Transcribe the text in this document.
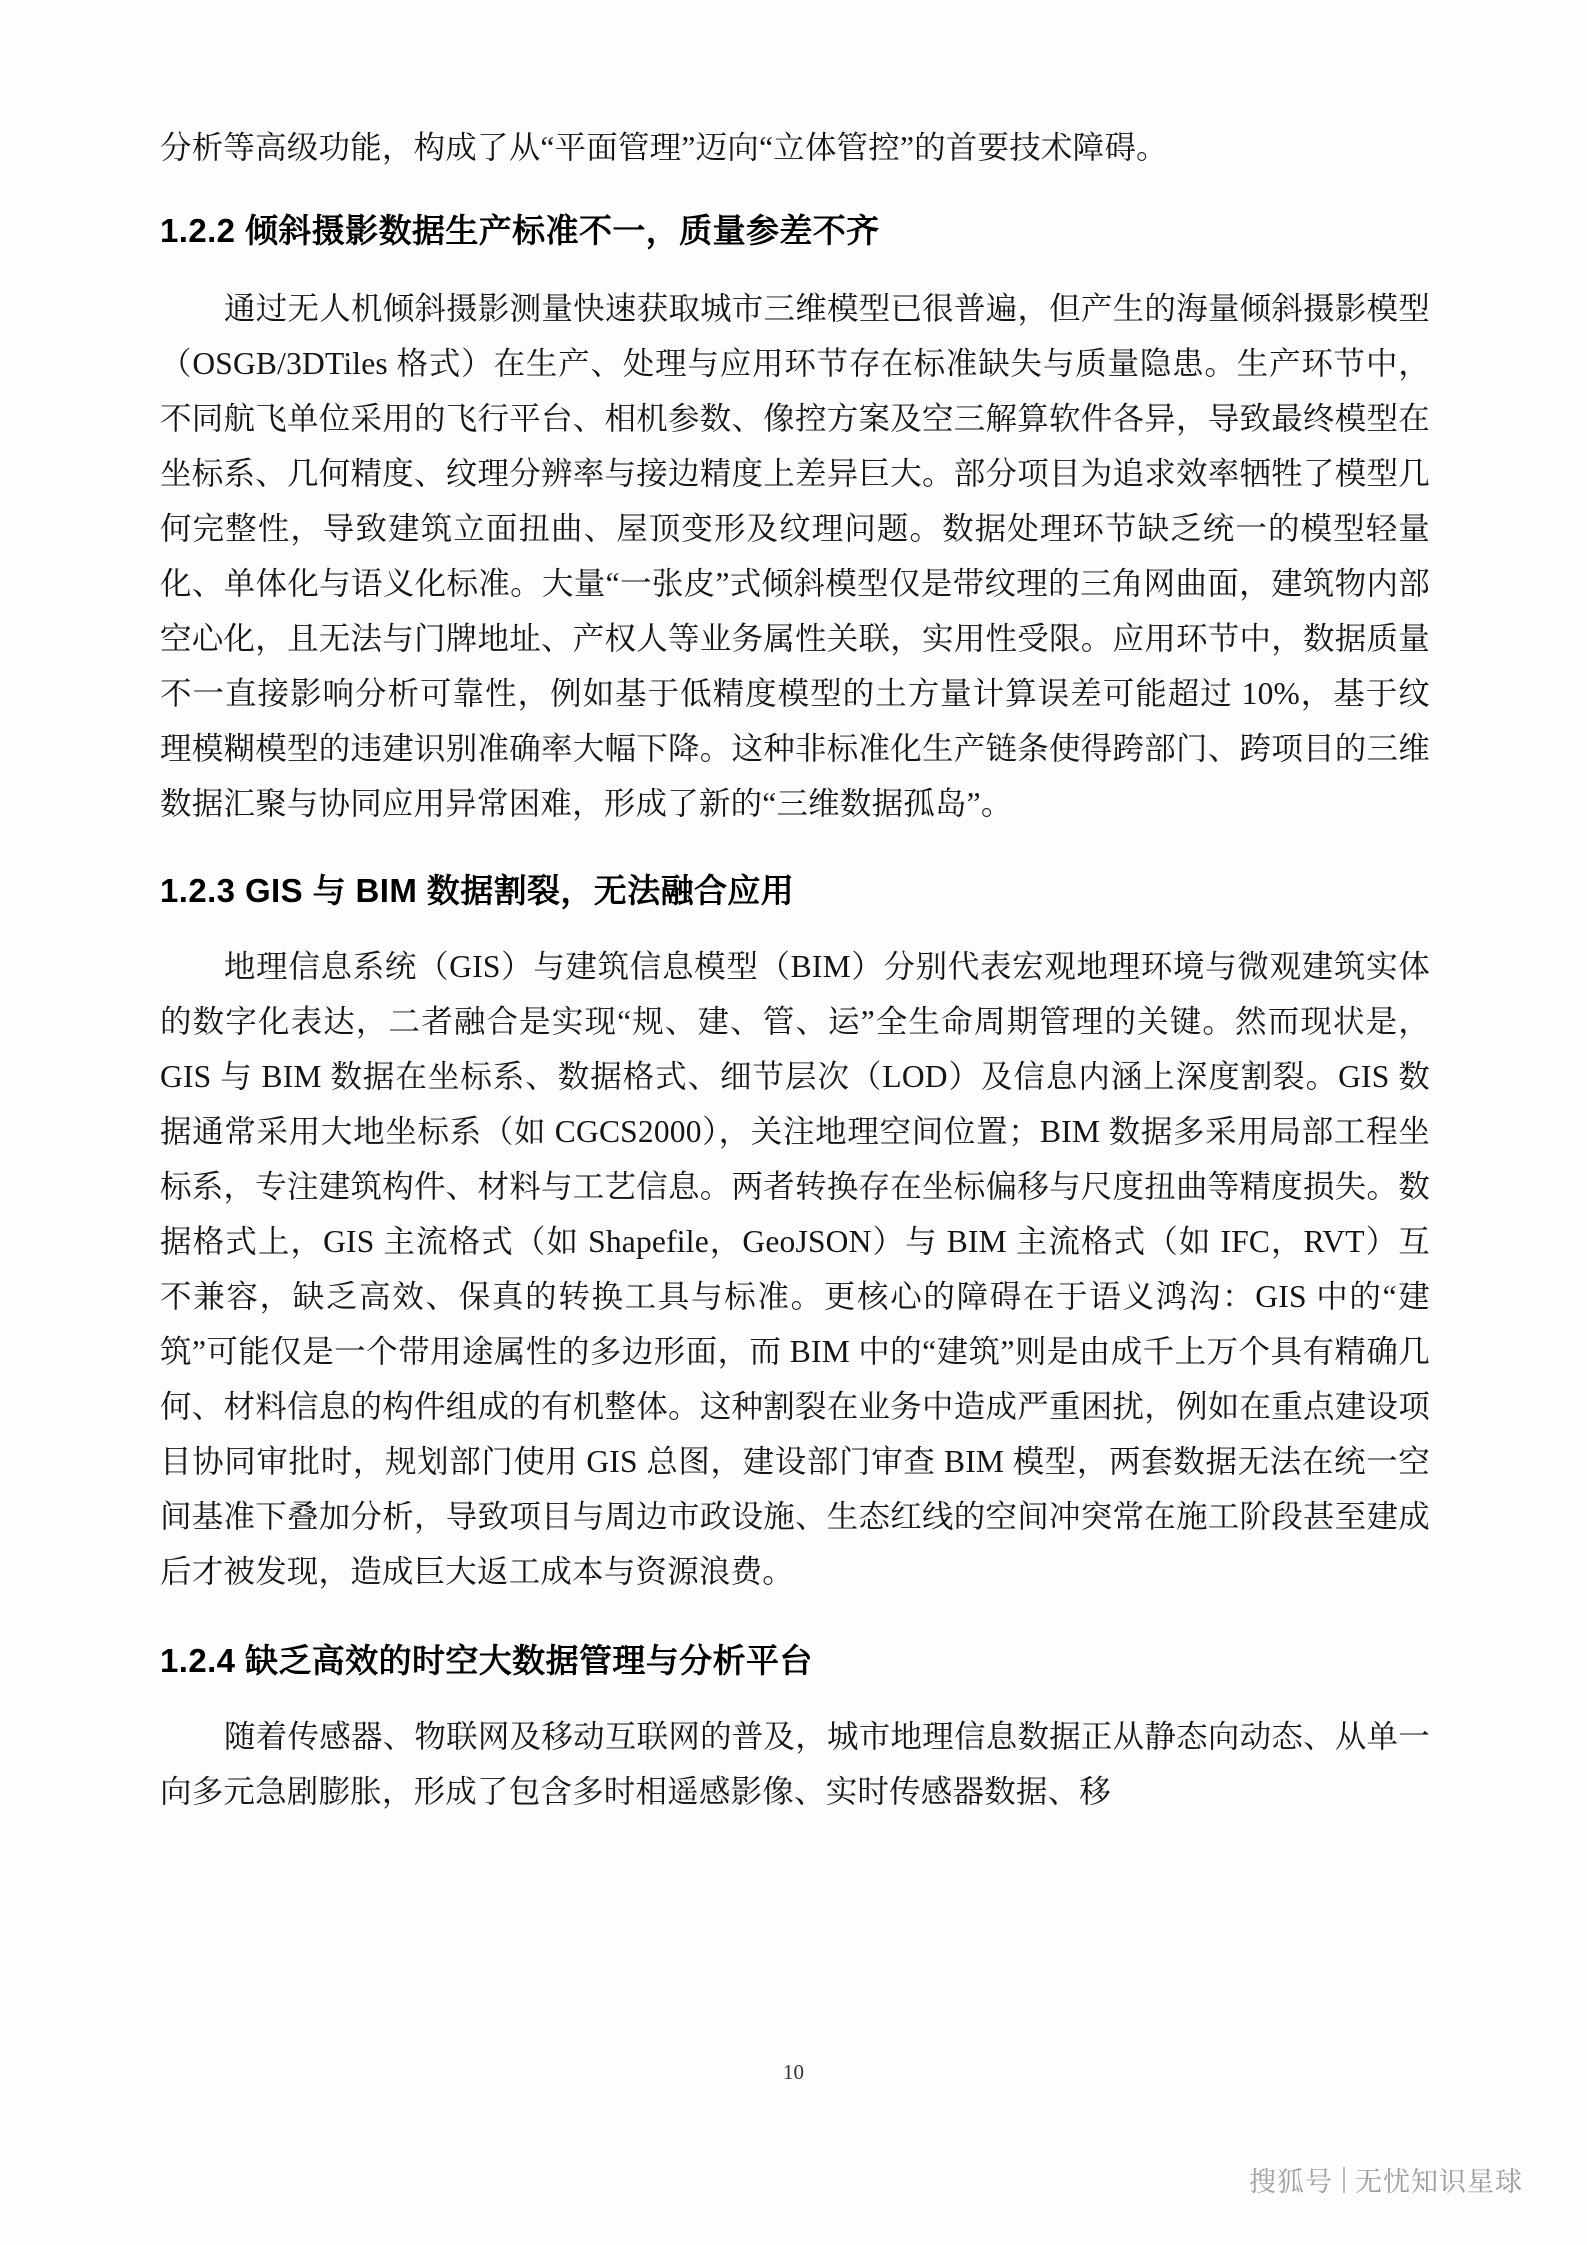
分析等高级功能，构成了从“平面管理”迈向“立体管控”的首要技术障碍。

1.2.2 倾斜摄影数据生产标准不一，质量参差不齐

通过无人机倾斜摄影测量快速获取城市三维模型已很普遍，但产生的海量倾斜摄影模型（OSGB/3DTiles 格式）在生产、处理与应用环节存在标准缺失与质量隐患。生产环节中，不同航飞单位采用的飞行平台、相机参数、像控方案及空三解算软件各异，导致最终模型在坐标系、几何精度、纹理分辨率与接边精度上差异巨大。部分项目为追求效率牺牲了模型几何完整性，导致建筑立面扭曲、屋顶变形及纹理问题。数据处理环节缺乏统一的模型轻量化、单体化与语义化标准。大量“一张皮”式倾斜模型仅是带纹理的三角网曲面，建筑物内部空心化，且无法与门牌地址、产权人等业务属性关联，实用性受限。应用环节中，数据质量不一直接影响分析可靠性，例如基于低精度模型的土方量计算误差可能超过 10%，基于纹理模糊模型的违建识别准确率大幅下降。这种非标准化生产链条使得跨部门、跨项目的三维数据汇聚与协同应用异常困难，形成了新的“三维数据孤岛”。

1.2.3 GIS 与 BIM 数据割裂，无法融合应用

地理信息系统（GIS）与建筑信息模型（BIM）分别代表宏观地理环境与微观建筑实体的数字化表达，二者融合是实现“规、建、管、运”全生命周期管理的关键。然而现状是，GIS 与 BIM 数据在坐标系、数据格式、细节层次（LOD）及信息内涵上深度割裂。GIS 数据通常采用大地坐标系（如 CGCS2000），关注地理空间位置；BIM 数据多采用局部工程坐标系，专注建筑构件、材料与工艺信息。两者转换存在坐标偏移与尺度扭曲等精度损失。数据格式上，GIS 主流格式（如 Shapefile，GeoJSON）与 BIM 主流格式（如 IFC，RVT）互不兼容，缺乏高效、保真的转换工具与标准。更核心的障碍在于语义鸿沟：GIS 中的“建筑”可能仅是一个带用途属性的多边形面，而 BIM 中的“建筑”则是由成千上万个具有精确几何、材料信息的构件组成的有机整体。这种割裂在业务中造成严重困扰，例如在重点建设项目协同审批时，规划部门使用 GIS 总图，建设部门审查 BIM 模型，两套数据无法在统一空间基准下叠加分析，导致项目与周边市政设施、生态红线的空间冲突常在施工阶段甚至建成后才被发现，造成巨大返工成本与资源浪费。

1.2.4 缺乏高效的时空大数据管理与分析平台

随着传感器、物联网及移动互联网的普及，城市地理信息数据正从静态向动态、从单一向多元急剧膨胀，形成了包含多时相遥感影像、实时传感器数据、移

10
搜狐号 无忧知识星球
